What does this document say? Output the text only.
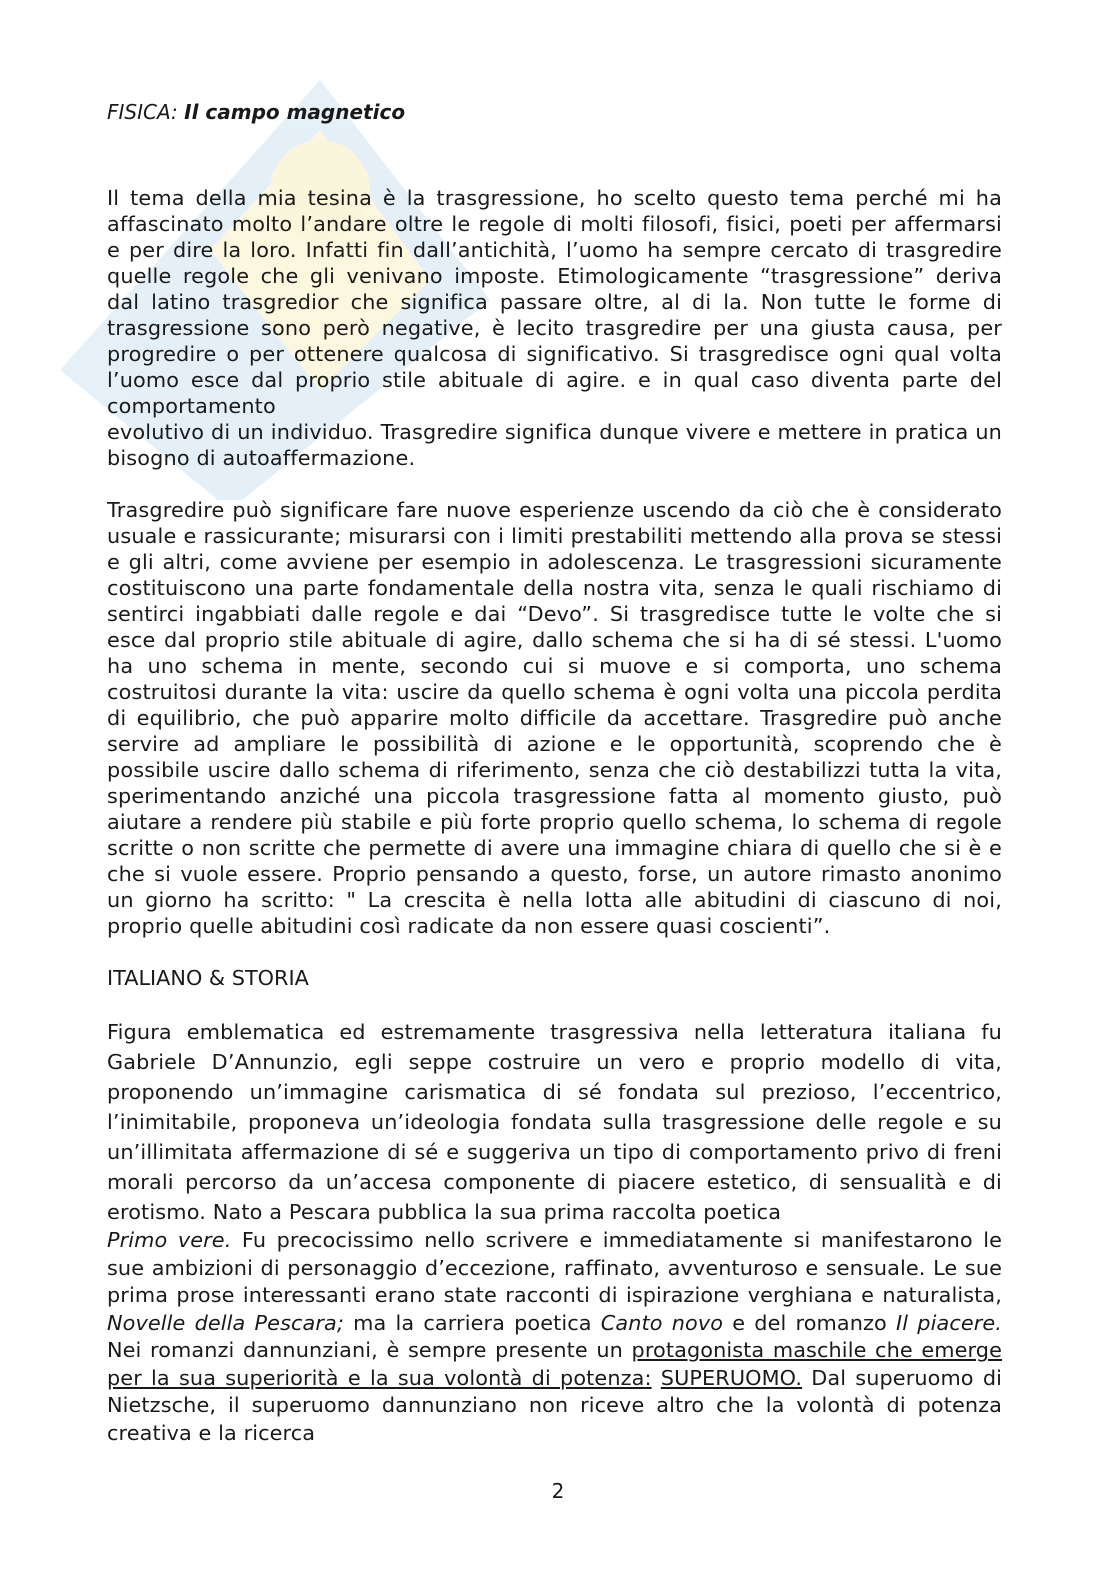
FISICA: Il campo magnetico

Il tema della mia tesina è la trasgressione, ho scelto questo tema perché mi ha affascinato molto l’andare oltre le regole di molti filosofi, fisici, poeti per affermarsi e per dire la loro. Infatti fin dall’antichità, l’uomo ha sempre cercato di trasgredire quelle regole che gli venivano imposte. Etimologicamente “trasgressione” deriva dal latino trasgredior che significa passare oltre, al di la. Non tutte le forme di trasgressione sono però negative, è lecito trasgredire per una giusta causa, per progredire o per ottenere qualcosa di significativo. Si trasgredisce ogni qual volta l’uomo esce dal proprio stile abituale di agire. e in qual caso diventa parte del comportamento

evolutivo di un individuo. Trasgredire significa dunque vivere e mettere in pratica un bisogno di autoaffermazione.

Trasgredire può significare fare nuove esperienze uscendo da ciò che è considerato usuale e rassicurante; misurarsi con i limiti prestabiliti mettendo alla prova se stessi e gli altri, come avviene per esempio in adolescenza. Le trasgressioni sicuramente costituiscono una parte fondamentale della nostra vita, senza le quali rischiamo di sentirci ingabbiati dalle regole e dai “Devo”. Si trasgredisce tutte le volte che si esce dal proprio stile abituale di agire, dallo schema che si ha di sé stessi. L'uomo ha uno schema in mente, secondo cui si muove e si comporta, uno schema costruitosi durante la vita: uscire da quello schema è ogni volta una piccola perdita di equilibrio, che può apparire molto difficile da accettare. Trasgredire può anche servire ad ampliare le possibilità di azione e le opportunità, scoprendo che è possibile uscire dallo schema di riferimento, senza che ciò destabilizzi tutta la vita, sperimentando anziché una piccola trasgressione fatta al momento giusto, può aiutare a rendere più stabile e più forte proprio quello schema, lo schema di regole scritte o non scritte che permette di avere una immagine chiara di quello che si è e che si vuole essere. Proprio pensando a questo, forse, un autore rimasto anonimo un giorno ha scritto: " La crescita è nella lotta alle abitudini di ciascuno di noi, proprio quelle abitudini così radicate da non essere quasi coscienti”.

ITALIANO & STORIA

Figura emblematica ed estremamente trasgressiva nella letteratura italiana fu Gabriele D’Annunzio, egli seppe costruire un vero e proprio modello di vita, proponendo un’immagine carismatica di sé fondata sul prezioso, l’eccentrico, l’inimitabile, proponeva un’ideologia fondata sulla trasgressione delle regole e su un’illimitata affermazione di sé e suggeriva un tipo di comportamento privo di freni morali percorso da un’accesa componente di piacere estetico, di sensualità e di erotismo. Nato a Pescara pubblica la sua prima raccolta poetica

Primo vere. Fu precocissimo nello scrivere e immediatamente si manifestarono le sue ambizioni di personaggio d’eccezione, raffinato, avventuroso e sensuale. Le sue prima prose interessanti erano state racconti di ispirazione verghiana e naturalista, Novelle della Pescara; ma la carriera poetica Canto novo e del romanzo Il piacere. Nei romanzi dannunziani, è sempre presente un protagonista maschile che emerge per la sua superiorità e la sua volontà di potenza: SUPERUOMO. Dal superuomo di Nietzsche, il superuomo dannunziano non riceve altro che la volontà di potenza creativa e la ricerca

2
